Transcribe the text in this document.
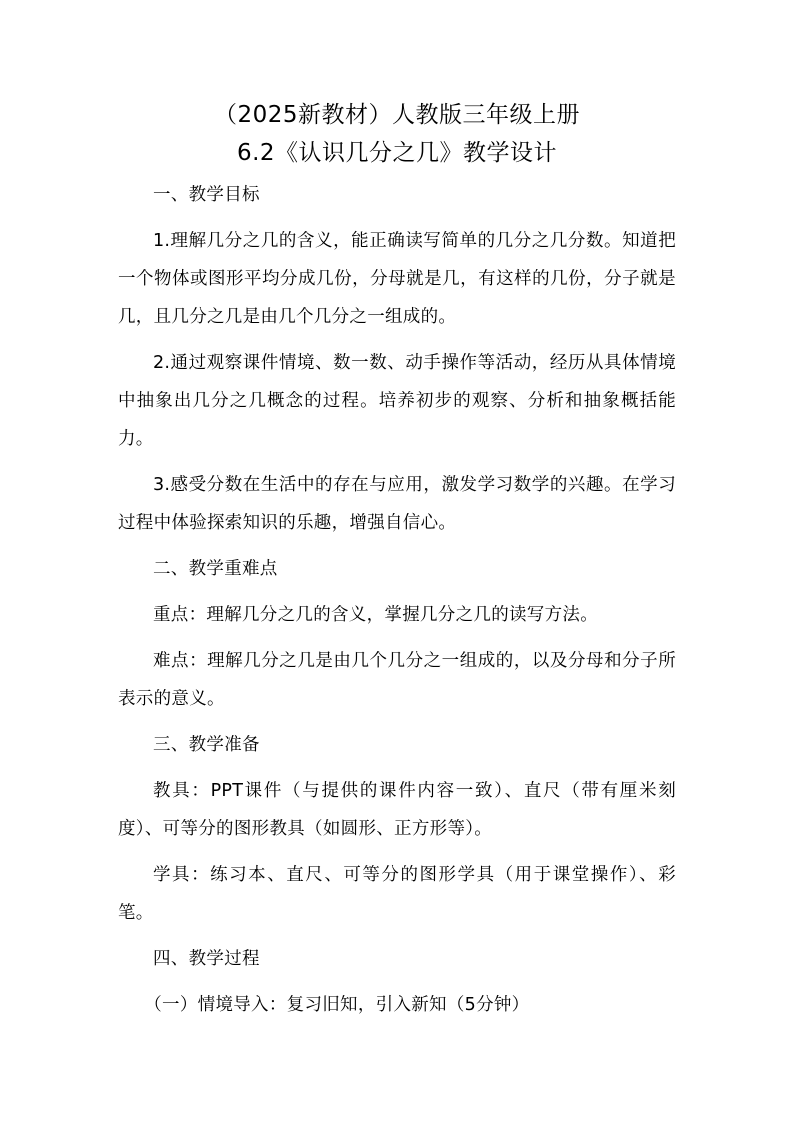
（2025新教材）人教版三年级上册
6.2《认识几分之几》教学设计

一、教学目标

1.理解几分之几的含义，能正确读写简单的几分之几分数。知道把一个物体或图形平均分成几份，分母就是几，有这样的几份，分子就是几，且几分之几是由几个几分之一组成的。

2.通过观察课件情境、数一数、动手操作等活动，经历从具体情境中抽象出几分之几概念的过程。培养初步的观察、分析和抽象概括能力。

3.感受分数在生活中的存在与应用，激发学习数学的兴趣。在学习过程中体验探索知识的乐趣，增强自信心。

二、教学重难点

重点：理解几分之几的含义，掌握几分之几的读写方法。

难点：理解几分之几是由几个几分之一组成的，以及分母和分子所表示的意义。

三、教学准备

教具：PPT课件（与提供的课件内容一致）、直尺（带有厘米刻度）、可等分的图形教具（如圆形、正方形等）。

学具：练习本、直尺、可等分的图形学具（用于课堂操作）、彩笔。

四、教学过程

（一）情境导入：复习旧知，引入新知（5分钟）
